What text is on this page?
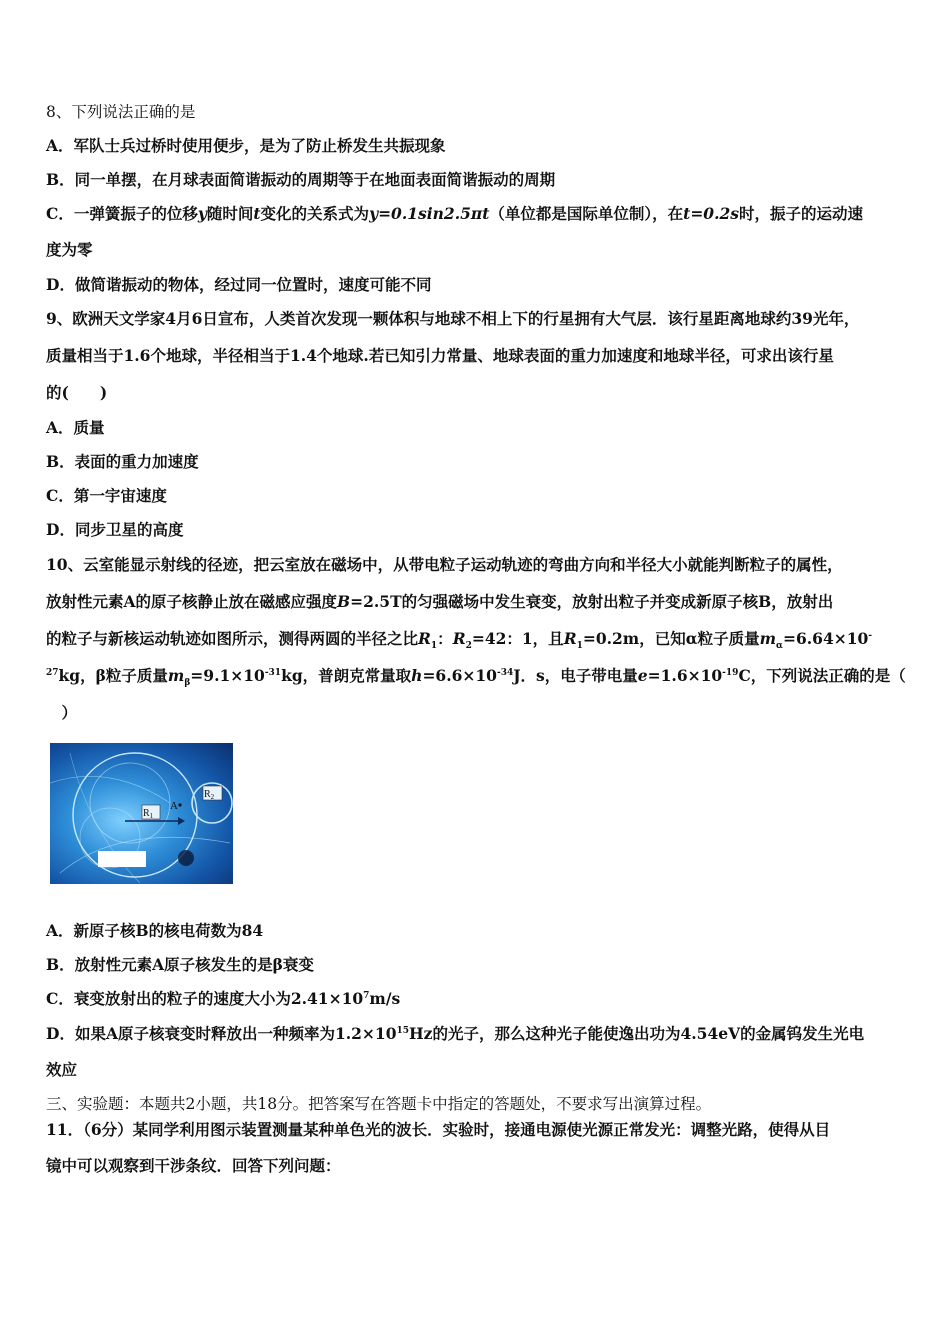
8、下列说法正确的是
A．军队士兵过桥时使用便步，是为了防止桥发生共振现象
B．同一单摆，在月球表面简谐振动的周期等于在地面表面简谐振动的周期
C．一弹簧振子的位移y随时间t变化的关系式为y=0.1sin2.5πt（单位都是国际单位制），在t=0.2s时，振子的运动速
度为零
D．做简谐振动的物体，经过同一位置时，速度可能不同
9、欧洲天文学家4月6日宣布，人类首次发现一颗体积与地球不相上下的行星拥有大气层．该行星距离地球约39光年，
质量相当于1.6个地球，半径相当于1.4个地球.若已知引力常量、地球表面的重力加速度和地球半径，可求出该行星
的(　　)
A．质量
B．表面的重力加速度
C．第一宇宙速度
D．同步卫星的高度
10、云室能显示射线的径迹，把云室放在磁场中，从带电粒子运动轨迹的弯曲方向和半径大小就能判断粒子的属性，
放射性元素A的原子核静止放在磁感应强度B=2.5T的匀强磁场中发生衰变，放射出粒子并变成新原子核B，放射出
的粒子与新核运动轨迹如图所示，测得两圆的半径之比$R_1$：$R_2=42$：1，且$R_1=0.2m$，已知α粒子质量$m_\alpha=6.64\times 10^-$
$^{27}$kg，β粒子质量$m_\beta=9.1\times 10^{-31}kg$，普朗克常量取$h=6.6\times 10^{-34}J$．s，电子带电量$e=1.6\times 10^{-19}C$，下列说法正确的是（
　）
$R_1$
A
$R_2$
A．新原子核B的核电荷数为84
B．放射性元素A原子核发生的是β衰变
C．衰变放射出的粒子的速度大小为$2.41\times 10^7m/s$
D．如果A原子核衰变时释放出一种频率为$1.2\times 10^{15}Hz$的光子，那么这种光子能使逸出功为4.54eV的金属钨发生光电
效应
三、实验题：本题共2小题，共18分。把答案写在答题卡中指定的答题处，不要求写出演算过程。
11．（6分）某同学利用图示装置测量某种单色光的波长．实验时，接通电源使光源正常发光：调整光路，使得从目
镜中可以观察到干涉条纹．回答下列问题：
